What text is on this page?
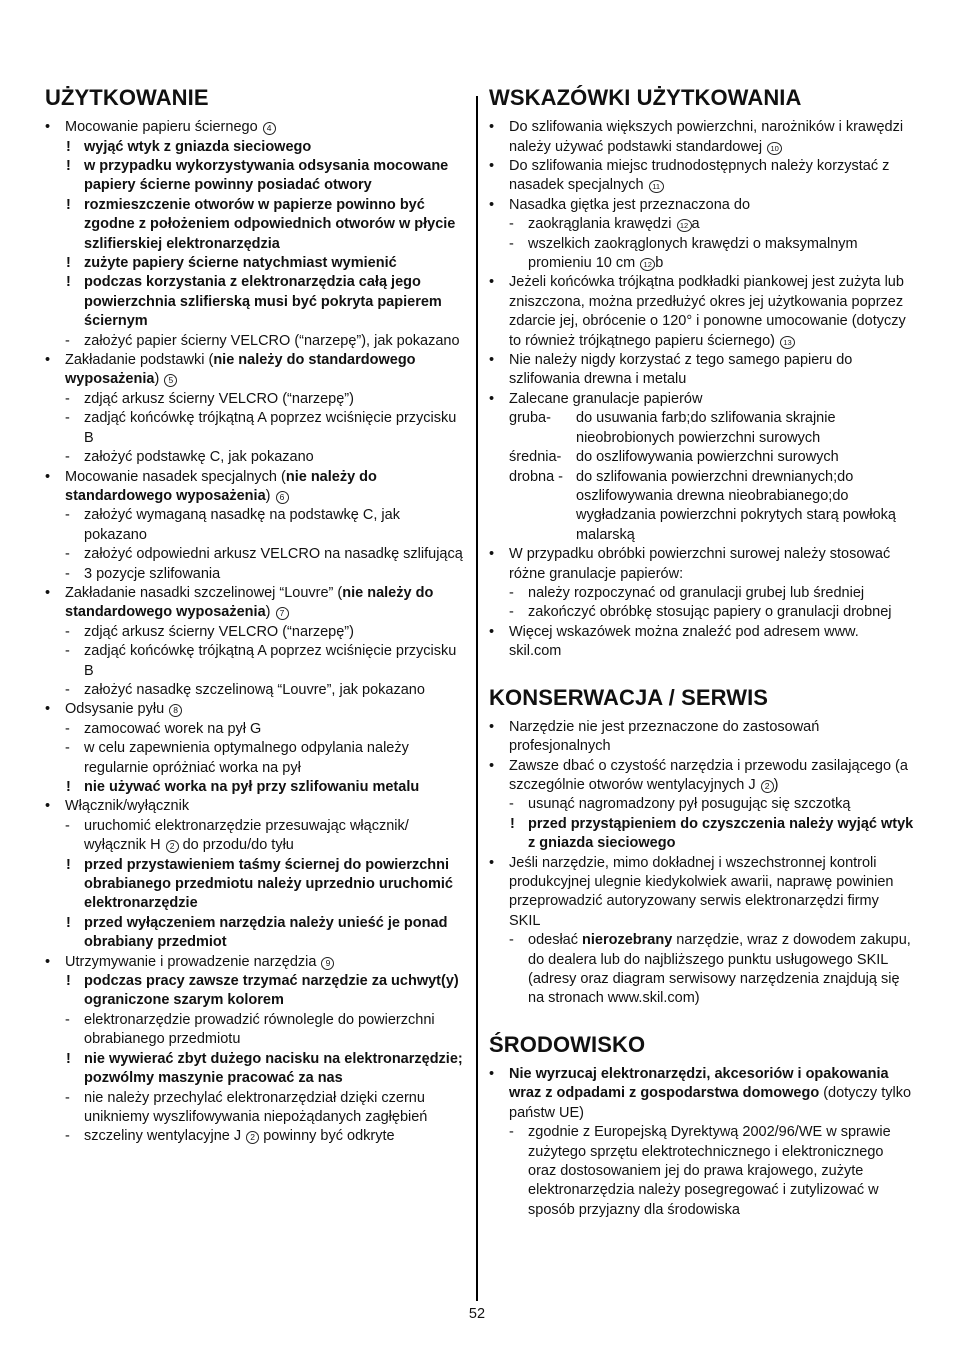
UŻYTKOWANIE
• Mocowanie papieru ściernego 4
! wyjąć wtyk z gniazda sieciowego
! w przypadku wykorzystywania odsysania mocowane papiery ścierne powinny posiadać otwory
! rozmieszczenie otworów w papierze powinno być zgodne z położeniem odpowiednich otworów w płycie szlifierskiej elektronarzędzia
! zużyte papiery ścierne natychmiast wymienić
! podczas korzystania z elektronarzędzia całą jego powierzchnia szlifierską musi być pokryta papierem ściernym
- założyć papier ścierny VELCRO (“narzepę”), jak pokazano
• Zakładanie podstawki (nie należy do standardowego wyposażenia) 5
- zdjąć arkusz ścierny VELCRO (“narzepę”)
- zadjąć końcówkę trójkątną A poprzez wciśnięcie przycisku B
- założyć podstawkę C, jak pokazano
• Mocowanie nasadek specjalnych (nie należy do standardowego wyposażenia) 6
- założyć wymaganą nasadkę na podstawkę C, jak pokazano
- założyć odpowiedni arkusz VELCRO na nasadkę szlifującą
- 3 pozycje szlifowania
• Zakładanie nasadki szczelinowej “Louvre” (nie należy do standardowego wyposażenia) 7
- zdjąć arkusz ścierny VELCRO (“narzepę”)
- zadjąć końcówkę trójkątną A poprzez wciśnięcie przycisku B
- założyć nasadkę szczelinową “Louvre”, jak pokazano
• Odsysanie pyłu 8
- zamocować worek na pył G
- w celu zapewnienia optymalnego odpylania należy regularnie opróżniać worka na pył
! nie używać worka na pył przy szlifowaniu metalu
• Włącznik/wyłącznik
- uruchomić elektronarzędzie przesuwając włącznik/ wyłącznik H 2 do przodu/do tyłu
! przed przystawieniem taśmy ściernej do powierzchni obrabianego przedmiotu należy uprzednio uruchomić elektronarzędzie
! przed wyłączeniem narzędzia należy unieść je ponad obrabiany przedmiot
• Utrzymywanie i prowadzenie narzędzia 9
! podczas pracy zawsze trzymać narzędzie za uchwyt(y) ograniczone szarym kolorem
- elektronarzędzie prowadzić równolegle do powierzchni obrabianego przedmiotu
! nie wywierać zbyt dużego nacisku na elektronarzędzie; pozwólmy maszynie pracować za nas
- nie należy przechylać elektronarzędział dzięki czernu unikniemy wyszlifowywania niepożądanych zagłębień
- szczeliny wentylacyjne J 2 powinny być odkryte
WSKAZÓWKI UŻYTKOWANIA
• Do szlifowania większych powierzchni, narożników i krawędzi należy używać podstawki standardowej 10
• Do szlifowania miejsc trudnodostępnych należy korzystać z nasadek specjalnych 11
• Nasadka giętka jest przeznaczona do
- zaokrąglania krawędzi 12 a
- wszelkich zaokrąglonych krawędzi o maksymalnym promieniu 10 cm 12 b
• Jeżeli końcówka trójkątna podkładki piankowej jest zużyta lub zniszczona, można przedłużyć okres jej użytkowania poprzez zdarcie jej, obrócenie o 120° i ponowne umocowanie (dotyczy to również trójkątnego papieru ściernego) 13
• Nie należy nigdy korzystać z tego samego papieru do szlifowania drewna i metalu
• Zalecane granulacje papierów
gruba-	do usuwania farb;do szlifowania skrajnie nieobrobionych powierzchni surowych
średnia-	do oszlifowywania powierzchni surowych
drobna -	do szlifowania powierzchni drewnianych;do oszlifowywania drewna nieobrabianego;do wygładzania powierzchni pokrytych starą powłoką malarską
• W przypadku obróbki powierzchni surowej należy stosować różne granulacje papierów:
- należy rozpoczynać od granulacji grubej lub średniej
- zakończyć obróbkę stosując papiery o granulacji drobnej
• Więcej wskazówek można znaleźć pod adresem www. skil.com
KONSERWACJA / SERWIS
• Narzędzie nie jest przeznaczone do zastosowań profesjonalnych
• Zawsze dbać o czystość narzędzia i przewodu zasilającego (a szczególnie otworów wentylacyjnych J 2 )
- usunąć nagromadzony pył posugując się szczotką
! przed przystąpieniem do czyszczenia należy wyjąć wtyk z gniazda sieciowego
• Jeśli narzędzie, mimo dokładnej i wszechstronnej kontroli produkcyjnej ulegnie kiedykolwiek awarii, naprawę powinien przeprowadzić autoryzowany serwis elektronarzędzi firmy SKIL
- odesłać nierozebrany narzędzie, wraz z dowodem zakupu, do dealera lub do najbliższego punktu usługowego SKIL (adresy oraz diagram serwisowy narzędzenia znajdują się na stronach www.skil.com)
ŚRODOWISKO
• Nie wyrzucaj elektronarzędzi, akcesoriów i opakowania wraz z odpadami z gospodarstwa domowego (dotyczy tylko państw UE)
- zgodnie z Europejską Dyrektywą 2002/96/WE w sprawie zużytego sprzętu elektrotechnicznego i elektronicznego oraz dostosowaniem jej do prawa krajowego, zużyte elektronarzędzia należy posegregować i zutylizować w sposób przyjazny dla środowiska
52
